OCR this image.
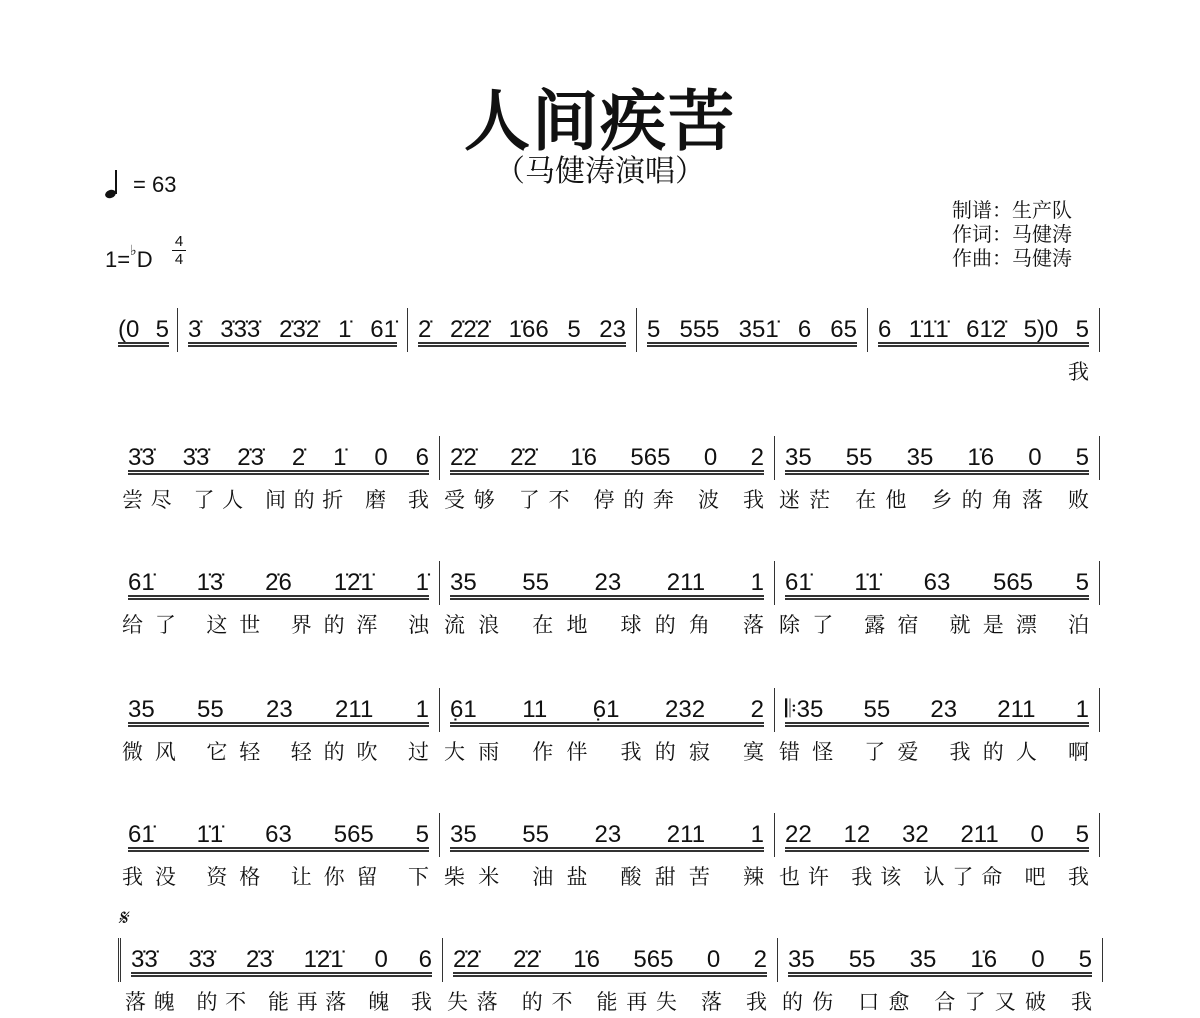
人间疾苦
（马健涛演唱）
= 63
1=♭D
4
4
制谱：生产队
作词：马健涛
作曲：马健涛
𝄋
(0 5 3̇ 3̇3̇3̇ 2̇3̇2̇ 1̇ 61̇ 2̇ 2̇2̇2̇ 1̇66 5 23 5 555 351̇ 6 65 6 1̇1̇1̇ 61̇2̇ 5)0 5
我
3̇3̇ 3̇3̇ 2̇3̇ 2̇ 1̇ 0 6
尝尽 了人 间的折 磨 我
2̇2̇ 2̇2̇ 1̇6 565 0 2
受够 了不 停的奔 波 我
35 55 35 1̇6 0 5
迷茫 在他 乡的角落 败
61̇ 1̇3̇ 2̇6 1̇2̇1̇ 1̇
给了 这世 界的浑 浊
35 55 23 211 1
流浪 在地 球的角 落
61̇ 1̇1̇ 63 565 5
除了 露宿 就是漂 泊
35 55 23 211 1
微风 它轻 轻的吹 过
6̣1 11 6̣1 232 2
大雨 作伴 我的寂 寞
𝄆35 55 23 211 1
错怪 了爱 我的人 啊
61̇ 1̇1̇ 63 565 5
我没 资格 让你留 下
35 55 23 211 1
柴米 油盐 酸甜苦 辣
22 12 32 211 0 5
也许 我该 认了命 吧 我
3̇3̇ 3̇3̇ 2̇3̇ 1̇2̇1̇ 0 6
落魄 的不 能再落 魄 我
2̇2̇ 2̇2̇ 1̇6 565 0 2
失落 的不 能再失 落 我
35 55 35 1̇6 0 5
的伤 口愈 合了又破 我
